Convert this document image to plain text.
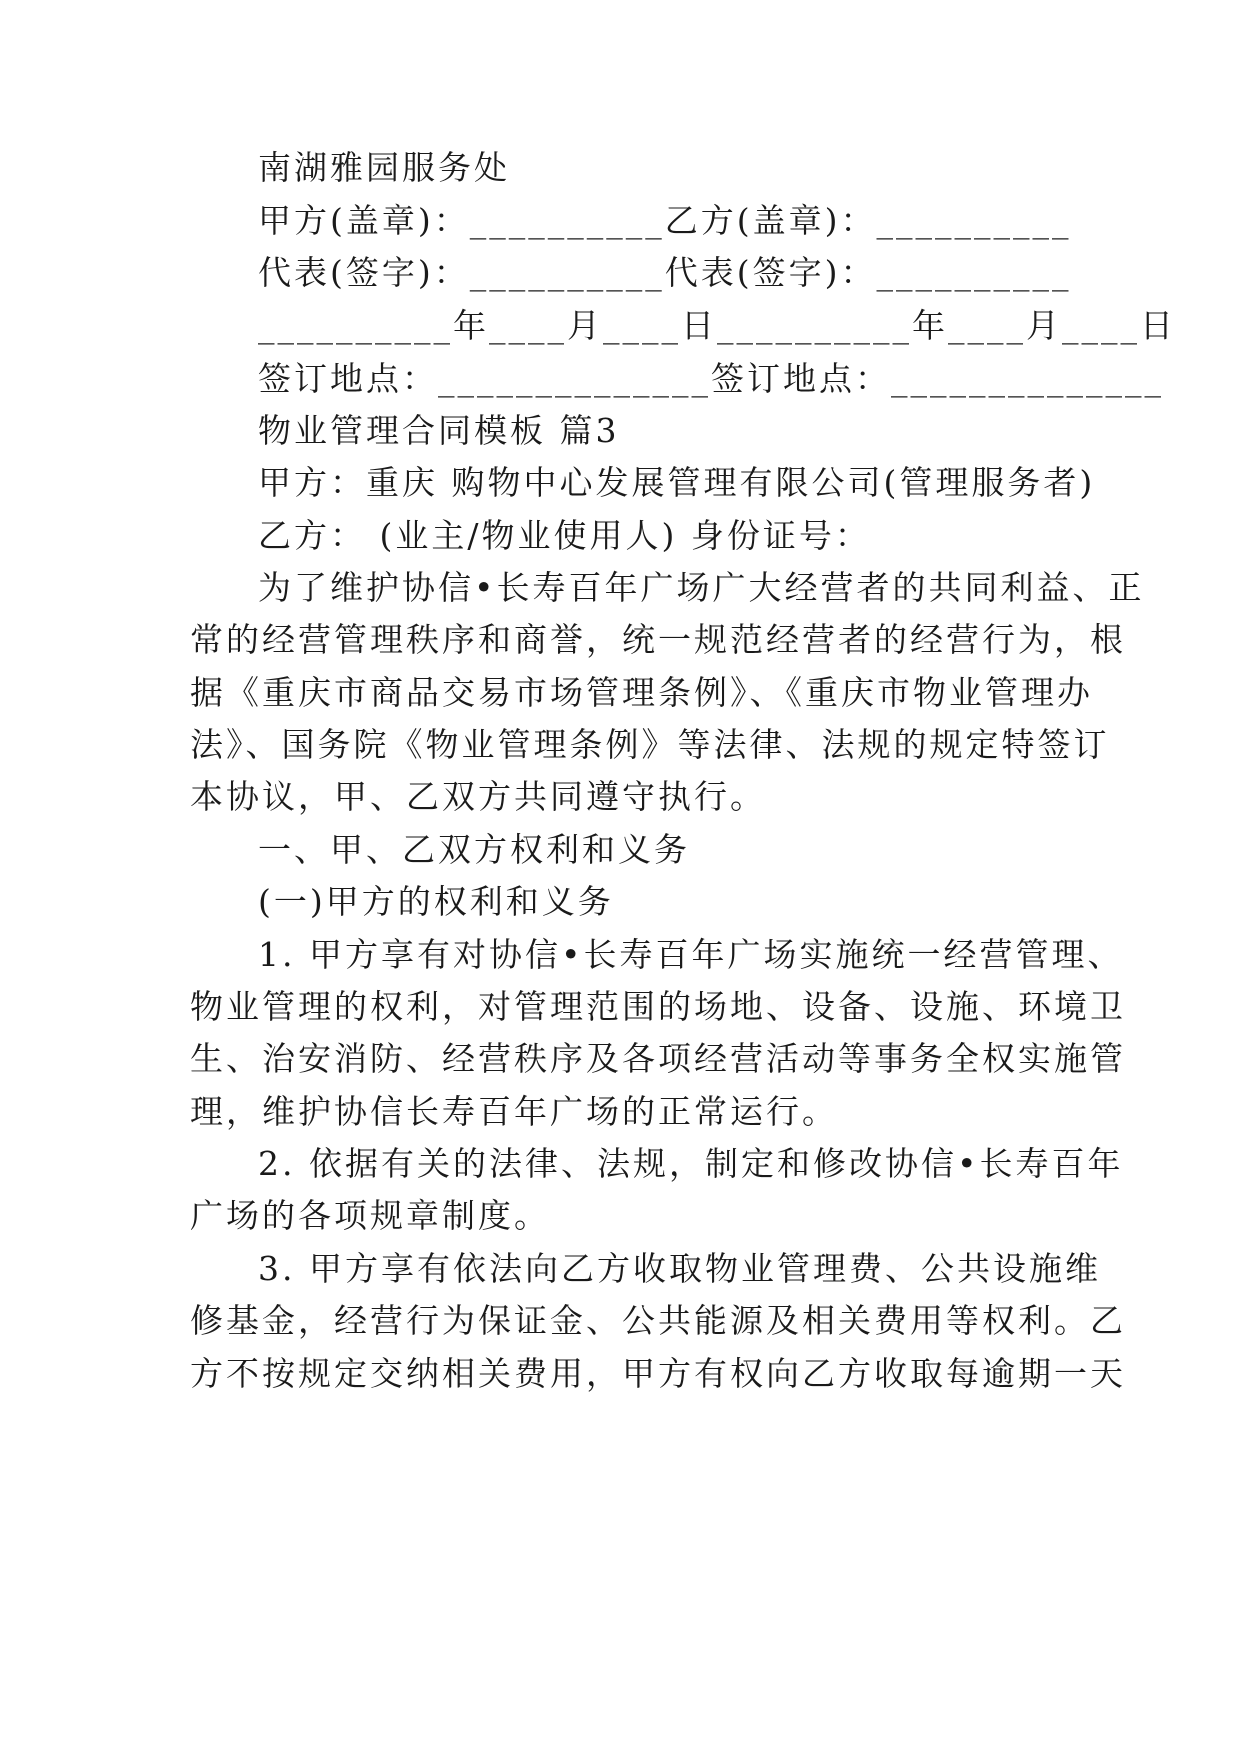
南湖雅园服务处
甲方(盖章)：__________乙方(盖章)：__________
代表(签字)：__________代表(签字)：__________
__________年____月____日__________年____月____日
签订地点：______________签订地点：______________
物业管理合同模板 篇3
甲方：重庆 购物中心发展管理有限公司(管理服务者)
乙方： (业主/物业使用人) 身份证号：
为了维护协信•长寿百年广场广大经营者的共同利益、正
常的经营管理秩序和商誉，统一规范经营者的经营行为，根
据《重庆市商品交易市场管理条例》、《重庆市物业管理办
法》、国务院《物业管理条例》等法律、法规的规定特签订
本协议，甲、乙双方共同遵守执行。
一、甲、乙双方权利和义务
(一)甲方的权利和义务
1. 甲方享有对协信•长寿百年广场实施统一经营管理、
物业管理的权利，对管理范围的场地、设备、设施、环境卫
生、治安消防、经营秩序及各项经营活动等事务全权实施管
理，维护协信长寿百年广场的正常运行。
2. 依据有关的法律、法规，制定和修改协信•长寿百年
广场的各项规章制度。
3. 甲方享有依法向乙方收取物业管理费、公共设施维
修基金，经营行为保证金、公共能源及相关费用等权利。乙
方不按规定交纳相关费用，甲方有权向乙方收取每逾期一天
